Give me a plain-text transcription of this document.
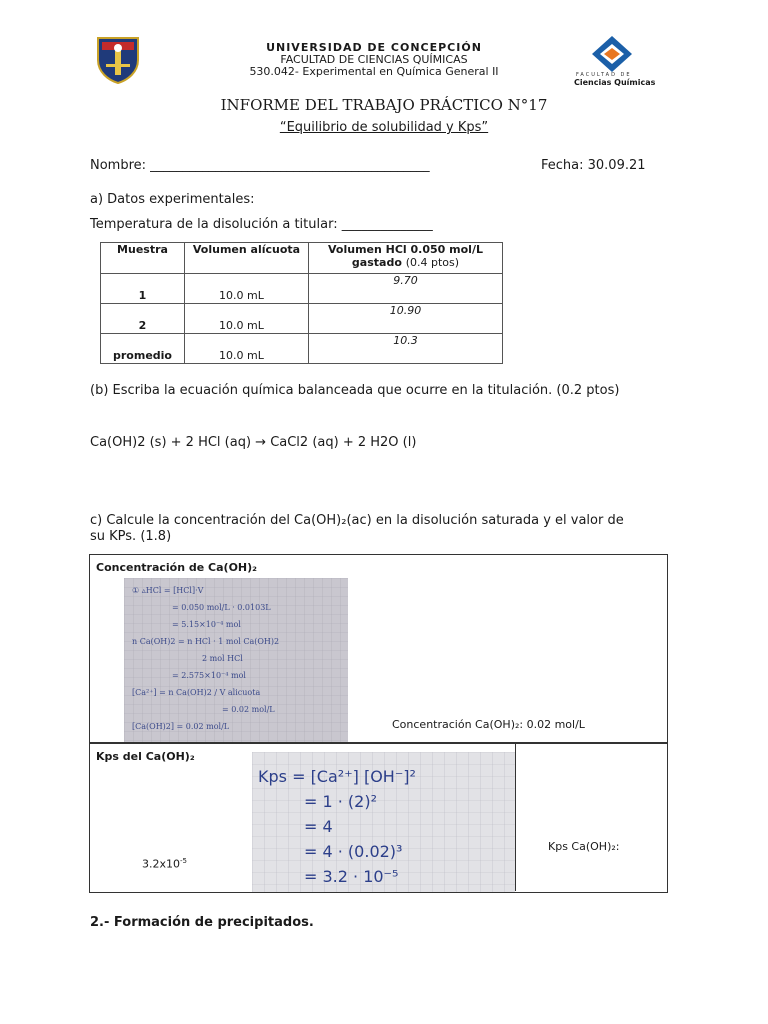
UNIVERSIDAD DE CONCEPCIÓN
FACULTAD DE CIENCIAS QUÍMICAS
530.042- Experimental en Química General II	FACULTAD DE
Ciencias Químicas
INFORME DEL TRABAJO PRÁCTICO N°17
“Equilibrio de solubilidad y Kps”
Nombre: ___________________________________________	Fecha: 30.09.21
a) Datos experimentales:
Temperatura de la disolución a titular: ______________
Muestra	Volumen alícuota	Volumen HCl 0.050 mol/L gastado (0.4 ptos)
1	10.0 mL	9.70
2	10.0 mL	10.90
promedio	10.0 mL	10.3
(b) Escriba la ecuación química balanceada que ocurre en la titulación. (0.2 ptos)
Ca(OH)2 (s) + 2 HCl (aq) → CaCl2 (aq) + 2 H2O (l)
c) Calcule la concentración del Ca(OH)₂(ac) en la disolución saturada y el valor de
su KPs. (1.8)
Concentración de Ca(OH)₂
① ▵HCl = [HCl]·V
= 0.050 mol/L · 0.0103L
= 5.15×10⁻⁴ mol
n Ca(OH)2 = n HCl · 1 mol Ca(OH)2
2 mol HCl
= 2.575×10⁻⁴ mol
[Ca²⁺] = n Ca(OH)2 / V alicuota
= 0.02 mol/L
[Ca(OH)2] = 0.02 mol/L	Concentración Ca(OH)₂: 0.02 mol/L
Kps del Ca(OH)₂
Kps = [Ca²⁺] [OH⁻]²
= 1 · (2)²
= 4
= 4 · (0.02)³
= 3.2 · 10⁻⁵
Kps Ca(OH)₂:
$3.2x10^{-5}$
2.- Formación de precipitados.
